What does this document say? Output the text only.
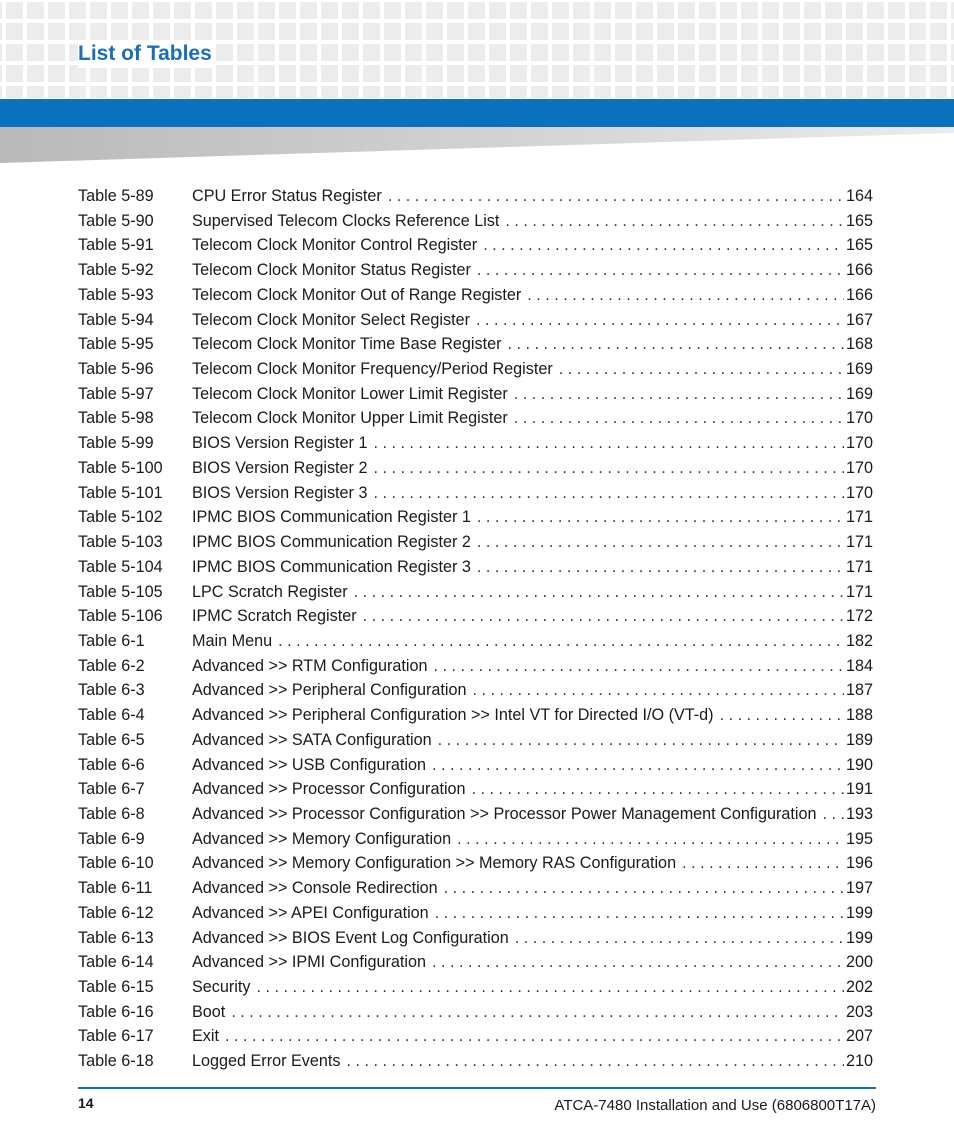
List of Tables
Table 5-89	CPU Error Status Register . . .	164
Table 5-90	Supervised Telecom Clocks Reference List . . .	165
Table 5-91	Telecom Clock Monitor Control Register . . .	165
Table 5-92	Telecom Clock Monitor Status Register . . .	166
Table 5-93	Telecom Clock Monitor Out of Range Register . . .	166
Table 5-94	Telecom Clock Monitor Select Register . . .	167
Table 5-95	Telecom Clock Monitor Time Base Register . . .	168
Table 5-96	Telecom Clock Monitor Frequency/Period Register . . .	169
Table 5-97	Telecom Clock Monitor Lower Limit Register . . .	169
Table 5-98	Telecom Clock Monitor Upper Limit Register . . .	170
Table 5-99	BIOS Version Register 1 . . .	170
Table 5-100	BIOS Version Register 2 . . .	170
Table 5-101	BIOS Version Register 3 . . .	170
Table 5-102	IPMC BIOS Communication Register 1 . . .	171
Table 5-103	IPMC BIOS Communication Register 2 . . .	171
Table 5-104	IPMC BIOS Communication Register 3 . . .	171
Table 5-105	LPC Scratch Register . . .	171
Table 5-106	IPMC Scratch Register . . .	172
Table 6-1	Main Menu . . .	182
Table 6-2	Advanced >> RTM Configuration . . .	184
Table 6-3	Advanced >> Peripheral Configuration . . .	187
Table 6-4	Advanced >> Peripheral Configuration >> Intel VT for Directed I/O (VT-d) . . .	188
Table 6-5	Advanced >> SATA Configuration . . .	189
Table 6-6	Advanced >> USB Configuration . . .	190
Table 6-7	Advanced >> Processor Configuration . . .	191
Table 6-8	Advanced >> Processor Configuration >> Processor Power Management Configuration . . .	193
Table 6-9	Advanced >> Memory Configuration . . .	195
Table 6-10	Advanced >> Memory Configuration >> Memory RAS Configuration . . .	196
Table 6-11	Advanced >> Console Redirection . . .	197
Table 6-12	Advanced >> APEI Configuration . . .	199
Table 6-13	Advanced >> BIOS Event Log Configuration . . .	199
Table 6-14	Advanced >> IPMI Configuration . . .	200
Table 6-15	Security . . .	202
Table 6-16	Boot . . .	203
Table 6-17	Exit . . .	207
Table 6-18	Logged Error Events . . .	210
14	ATCA-7480 Installation and Use (6806800T17A)
